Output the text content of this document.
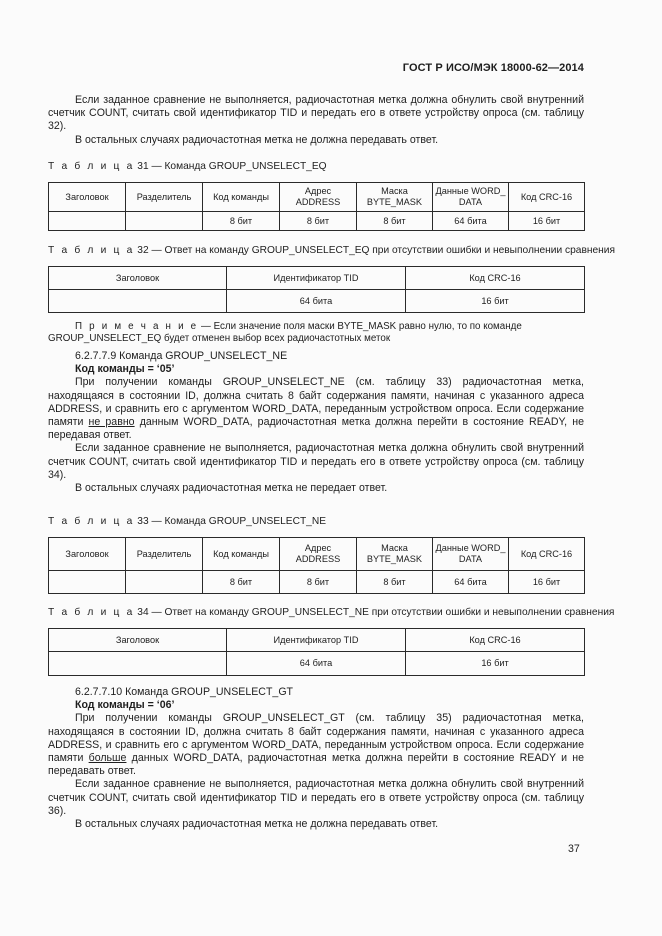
ГОСТ Р ИСО/МЭК 18000-62—2014

Если заданное сравнение не выполняется, радиочастотная метка должна обнулить свой внутренний счетчик COUNT, считать свой идентификатор TID и передать его в ответе устройству опроса (см. таблицу 32).

В остальных случаях радиочастотная метка не должна передавать ответ.

Т а б л и ц а 31 — Команда GROUP_UNSELECT_EQ
Заголовок	Разделитель	Код команды	Адрес ADDRESS	Маска BYTE_MASK	Данные WORD_ DATA	Код CRC-16
		8 бит	8 бит	8 бит	64 бита	16 бит
Т а б л и ц а 32 — Ответ на команду GROUP_UNSELECT_EQ при отсутствии ошибки и невыполнении сравнения
Заголовок	Идентификатор TID	Код CRC-16
	64 бита	16 бит

П р и м е ч а н и е — Если значение поля маски BYTE_MASK равно нулю, то по команде GROUP_UNSELECT_EQ будет отменен выбор всех радиочастотных меток

6.2.7.7.9 Команда GROUP_UNSELECT_NE

Код команды = ‘05’

При получении команды GROUP_UNSELECT_NE (см. таблицу 33) радиочастотная метка, находящаяся в состоянии ID, должна считать 8 байт содержания памяти, начиная с указанного адреса ADDRESS, и сравнить его с аргументом WORD_DATA, переданным устройством опроса. Если содержание памяти не равно данным WORD_DATA, радиочастотная метка должна перейти в состояние READY, не передавая ответ.

Если заданное сравнение не выполняется, радиочастотная метка должна обнулить свой внутренний счетчик COUNT, считать свой идентификатор TID и передать его в ответе устройству опроса (см. таблицу 34).

В остальных случаях радиочастотная метка не передает ответ.

Т а б л и ц а 33 — Команда GROUP_UNSELECT_NE
Заголовок	Разделитель	Код команды	Адрес ADDRESS	Маска BYTE_MASK	Данные WORD_ DATA	Код CRC-16
		8 бит	8 бит	8 бит	64 бита	16 бит
Т а б л и ц а 34 — Ответ на команду GROUP_UNSELECT_NE при отсутствии ошибки и невыполнении сравнения
Заголовок	Идентификатор TID	Код CRC-16
	64 бита	16 бит

6.2.7.7.10 Команда GROUP_UNSELECT_GT

Код команды = ‘06’

При получении команды GROUP_UNSELECT_GT (см. таблицу 35) радиочастотная метка, находящаяся в состоянии ID, должна считать 8 байт содержания памяти, начиная с указанного адреса ADDRESS, и сравнить его с аргументом WORD_DATA, переданным устройством опроса. Если содержание памяти больше данных WORD_DATA, радиочастотная метка должна перейти в состояние READY и не передавать ответ.

Если заданное сравнение не выполняется, радиочастотная метка должна обнулить свой внутренний счетчик COUNT, считать свой идентификатор TID и передать его в ответе устройству опроса (см. таблицу 36).

В остальных случаях радиочастотная метка не должна передавать ответ.

37
